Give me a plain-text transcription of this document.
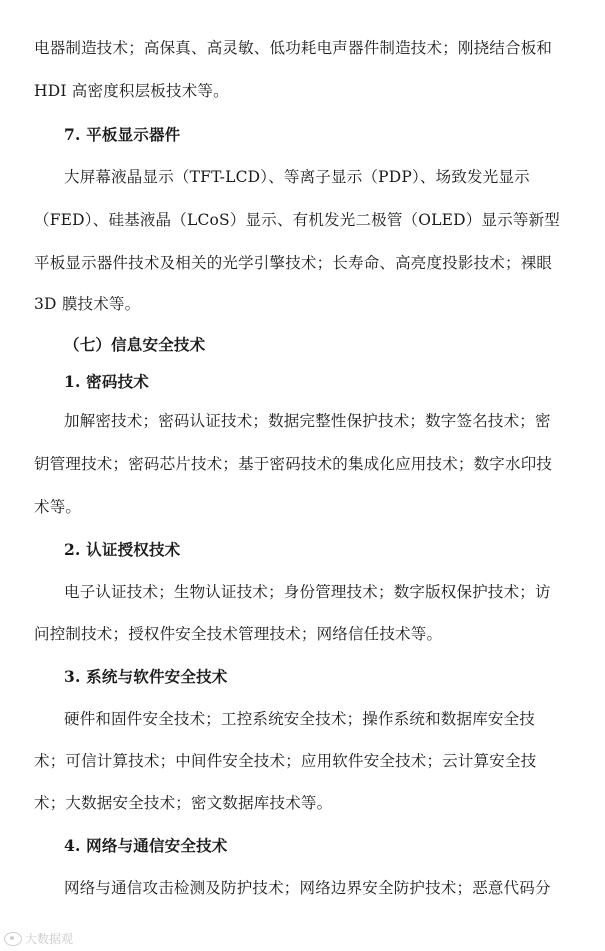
电器制造技术；高保真、高灵敏、低功耗电声器件制造技术；刚挠结合板和
HDI 高密度积层板技术等。
7. 平板显示器件
大屏幕液晶显示（TFT-LCD）、等离子显示（PDP）、场致发光显示
（FED）、硅基液晶（LCoS）显示、有机发光二极管（OLED）显示等新型
平板显示器件技术及相关的光学引擎技术；长寿命、高亮度投影技术；裸眼
3D 膜技术等。
（七）信息安全技术
1. 密码技术
加解密技术；密码认证技术；数据完整性保护技术；数字签名技术；密
钥管理技术；密码芯片技术；基于密码技术的集成化应用技术；数字水印技
术等。
2. 认证授权技术
电子认证技术；生物认证技术；身份管理技术；数字版权保护技术；访
问控制技术；授权件安全技术管理技术；网络信任技术等。
3. 系统与软件安全技术
硬件和固件安全技术；工控系统安全技术；操作系统和数据库安全技
术；可信计算技术；中间件安全技术；应用软件安全技术；云计算安全技
术；大数据安全技术；密文数据库技术等。
4. 网络与通信安全技术
网络与通信攻击检测及防护技术；网络边界安全防护技术；恶意代码分
大数据观
